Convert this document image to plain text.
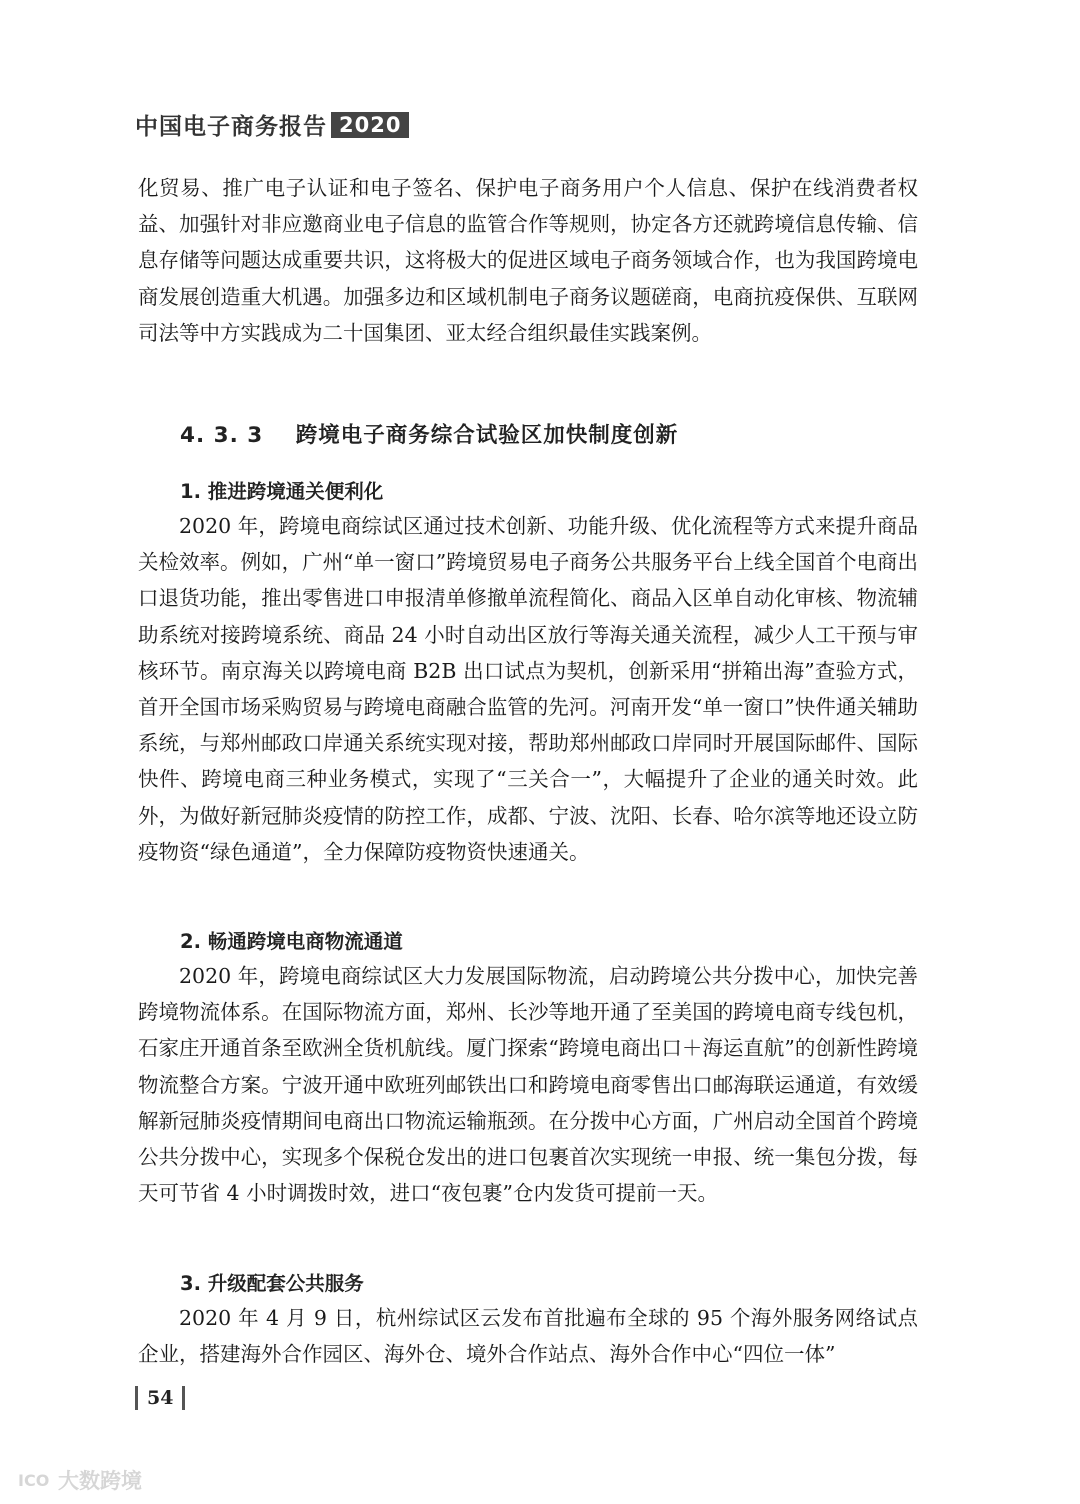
中国电子商务报告 2020

化贸易、推广电子认证和电子签名、保护电子商务用户个人信息、保护在线消费者权益、加强针对非应邀商业电子信息的监管合作等规则，协定各方还就跨境信息传输、信息存储等问题达成重要共识，这将极大的促进区域电子商务领域合作，也为我国跨境电商发展创造重大机遇。加强多边和区域机制电子商务议题磋商，电商抗疫保供、互联网司法等中方实践成为二十国集团、亚太经合组织最佳实践案例。

4. 3. 3 跨境电子商务综合试验区加快制度创新
1. 推进跨境通关便利化

2020 年，跨境电商综试区通过技术创新、功能升级、优化流程等方式来提升商品关检效率。例如，广州“单一窗口”跨境贸易电子商务公共服务平台上线全国首个电商出口退货功能，推出零售进口申报清单修撤单流程简化、商品入区单自动化审核、物流辅助系统对接跨境系统、商品 24 小时自动出区放行等海关通关流程，减少人工干预与审核环节。南京海关以跨境电商 B2B 出口试点为契机，创新采用“拼箱出海”查验方式，首开全国市场采购贸易与跨境电商融合监管的先河。河南开发“单一窗口”快件通关辅助系统，与郑州邮政口岸通关系统实现对接，帮助郑州邮政口岸同时开展国际邮件、国际快件、跨境电商三种业务模式，实现了“三关合一”，大幅提升了企业的通关时效。此外，为做好新冠肺炎疫情的防控工作，成都、宁波、沈阳、长春、哈尔滨等地还设立防疫物资“绿色通道”，全力保障防疫物资快速通关。

2. 畅通跨境电商物流通道

2020 年，跨境电商综试区大力发展国际物流，启动跨境公共分拨中心，加快完善跨境物流体系。在国际物流方面，郑州、长沙等地开通了至美国的跨境电商专线包机，石家庄开通首条至欧洲全货机航线。厦门探索“跨境电商出口＋海运直航”的创新性跨境物流整合方案。宁波开通中欧班列邮铁出口和跨境电商零售出口邮海联运通道，有效缓解新冠肺炎疫情期间电商出口物流运输瓶颈。在分拨中心方面，广州启动全国首个跨境公共分拨中心，实现多个保税仓发出的进口包裹首次实现统一申报、统一集包分拨，每天可节省 4 小时调拨时效，进口“夜包裹”仓内发货可提前一天。

3. 升级配套公共服务

2020 年 4 月 9 日，杭州综试区云发布首批遍布全球的 95 个海外服务网络试点企业，搭建海外合作园区、海外仓、境外合作站点、海外合作中心“四位一体”

54
ICO 大数跨境
